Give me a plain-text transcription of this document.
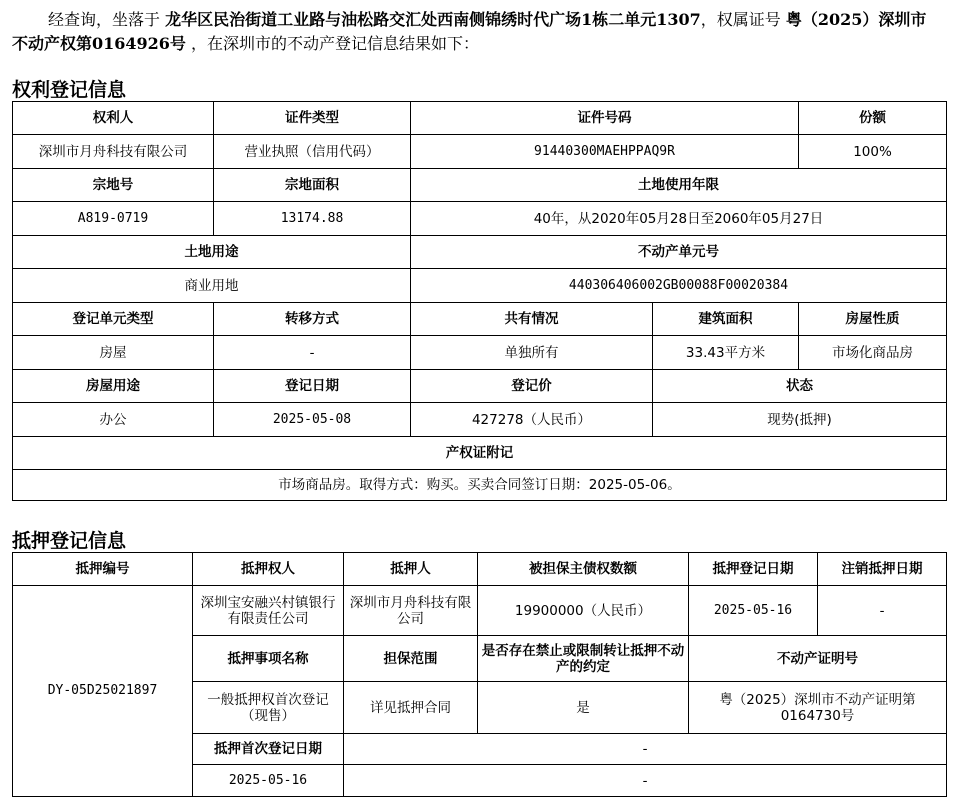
经查询，坐落于 龙华区民治街道工业路与油松路交汇处西南侧锦绣时代广场1栋二单元1307，权属证号 粤（2025）深圳市不动产权第0164926号 ，在深圳市的不动产登记信息结果如下：
权利登记信息
权利人	证件类型	证件号码		份额
深圳市月舟科技有限公司	营业执照（信用代码）	91440300MAEHPPAQ9R		100%
宗地号	宗地面积	土地使用年限		
A819-0719	13174.88	40年，从2020年05月28日至2060年05月27日		
土地用途		不动产单元号		
商业用地		440306406002GB00088F00020384		
登记单元类型	转移方式	共有情况	建筑面积	房屋性质
房屋	-	单独所有	33.43平方米	市场化商品房
房屋用途	登记日期	登记价	状态	
办公	2025-05-08	427278（人民币）	现势(抵押)	
产权证附记				
市场商品房。取得方式：购买。买卖合同签订日期：2025-05-06。				
抵押登记信息
抵押编号	抵押权人	抵押人	被担保主债权数额	抵押登记日期	注销抵押日期
DY-05D25021897	深圳宝安融兴村镇银行有限责任公司	深圳市月舟科技有限公司	19900000（人民币）	2025-05-16	-
	抵押事项名称	担保范围	是否存在禁止或限制转让抵押不动产的约定	不动产证明号	
	一般抵押权首次登记（现售）	详见抵押合同	是	粤（2025）深圳市不动产证明第0164730号	
	抵押首次登记日期	-			
	2025-05-16	-			
